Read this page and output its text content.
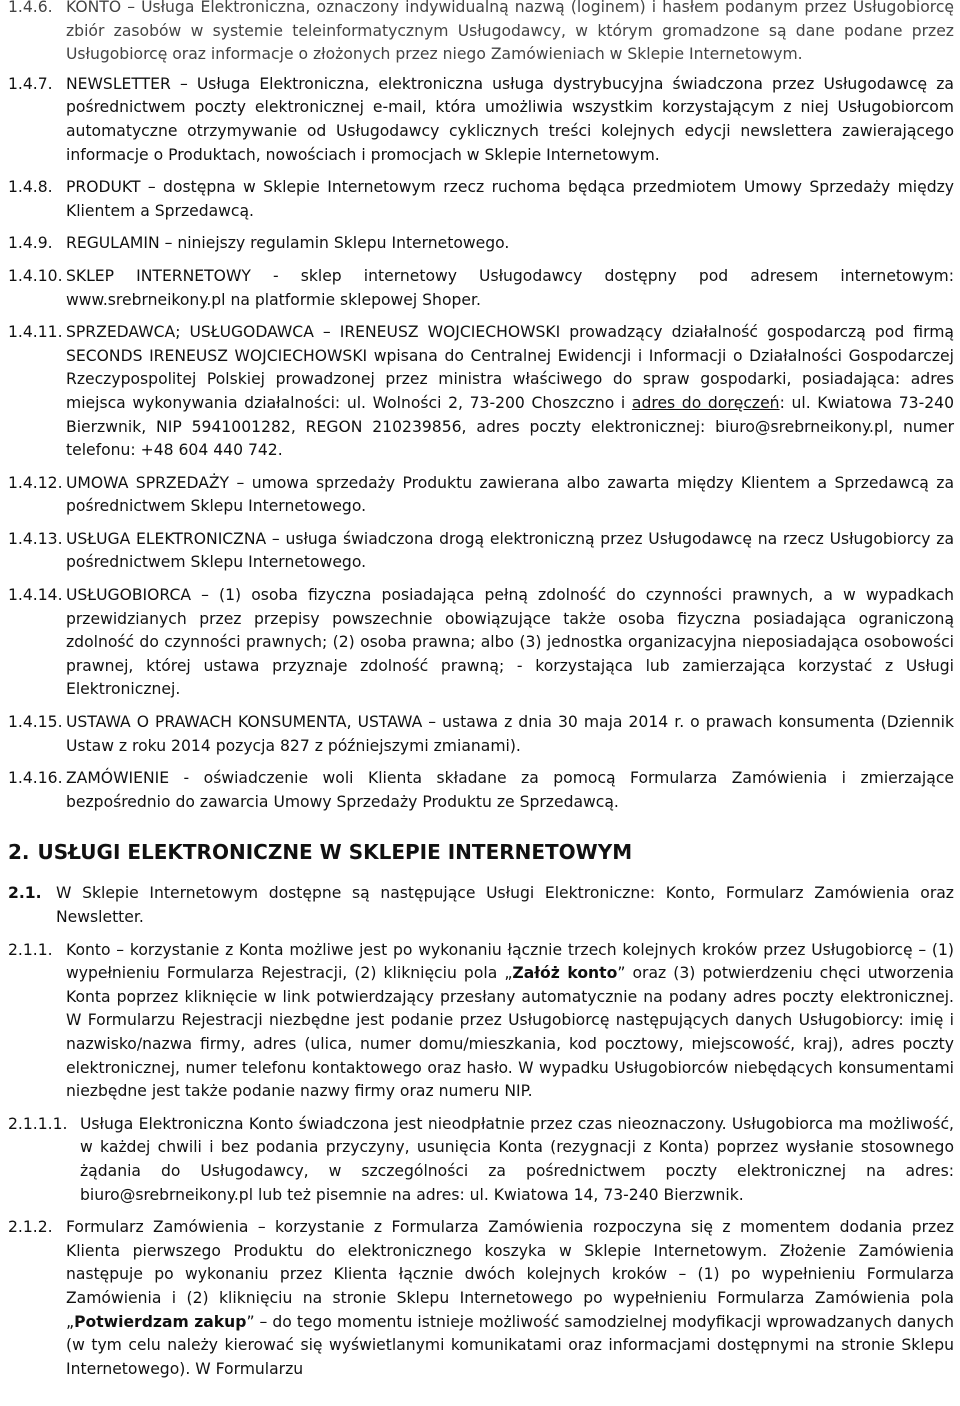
1.4.6. KONTO – Usługa Elektroniczna, oznaczony indywidualną nazwą (loginem) i hasłem podanym przez Usługobiorcę zbiór zasobów w systemie teleinformatycznym Usługodawcy, w którym gromadzone są dane podane przez Usługobiorcę oraz informacje o złożonych przez niego Zamówieniach w Sklepie Internetowym.
1.4.7. NEWSLETTER – Usługa Elektroniczna, elektroniczna usługa dystrybucyjna świadczona przez Usługodawcę za pośrednictwem poczty elektronicznej e-mail, która umożliwia wszystkim korzystającym z niej Usługobiorcom automatyczne otrzymywanie od Usługodawcy cyklicznych treści kolejnych edycji newslettera zawierającego informacje o Produktach, nowościach i promocjach w Sklepie Internetowym.
1.4.8. PRODUKT – dostępna w Sklepie Internetowym rzecz ruchoma będąca przedmiotem Umowy Sprzedaży między Klientem a Sprzedawcą.
1.4.9. REGULAMIN – niniejszy regulamin Sklepu Internetowego.
1.4.10. SKLEP INTERNETOWY - sklep internetowy Usługodawcy dostępny pod adresem internetowym: www.srebrneikony.pl na platformie sklepowej Shoper.
1.4.11. SPRZEDAWCA; USŁUGODAWCA – IRENEUSZ WOJCIECHOWSKI prowadzący działalność gospodarczą pod firmą SECONDS IRENEUSZ WOJCIECHOWSKI wpisana do Centralnej Ewidencji i Informacji o Działalności Gospodarczej Rzeczypospolitej Polskiej prowadzonej przez ministra właściwego do spraw gospodarki, posiadająca: adres miejsca wykonywania działalności: ul. Wolności 2, 73-200 Choszczno i adres do doręczeń: ul. Kwiatowa 73-240 Bierzwnik, NIP 5941001282, REGON 210239856, adres poczty elektronicznej: biuro@srebrneikony.pl, numer telefonu: +48 604 440 742.
1.4.12. UMOWA SPRZEDAŻY – umowa sprzedaży Produktu zawierana albo zawarta między Klientem a Sprzedawcą za pośrednictwem Sklepu Internetowego.
1.4.13. USŁUGA ELEKTRONICZNA – usługa świadczona drogą elektroniczną przez Usługodawcę na rzecz Usługobiorcy za pośrednictwem Sklepu Internetowego.
1.4.14. USŁUGOBIORCA – (1) osoba fizyczna posiadająca pełną zdolność do czynności prawnych, a w wypadkach przewidzianych przez przepisy powszechnie obowiązujące także osoba fizyczna posiadająca ograniczoną zdolność do czynności prawnych; (2) osoba prawna; albo (3) jednostka organizacyjna nieposiadająca osobowości prawnej, której ustawa przyznaje zdolność prawną; - korzystająca lub zamierzająca korzystać z Usługi Elektronicznej.
1.4.15. USTAWA O PRAWACH KONSUMENTA, USTAWA – ustawa z dnia 30 maja 2014 r. o prawach konsumenta (Dziennik Ustaw z roku 2014 pozycja 827 z późniejszymi zmianami).
1.4.16. ZAMÓWIENIE - oświadczenie woli Klienta składane za pomocą Formularza Zamówienia i zmierzające bezpośrednio do zawarcia Umowy Sprzedaży Produktu ze Sprzedawcą.
2. USŁUGI ELEKTRONICZNE W SKLEPIE INTERNETOWYM
2.1. W Sklepie Internetowym dostępne są następujące Usługi Elektroniczne: Konto, Formularz Zamówienia oraz Newsletter.
2.1.1. Konto – korzystanie z Konta możliwe jest po wykonaniu łącznie trzech kolejnych kroków przez Usługobiorcę – (1) wypełnieniu Formularza Rejestracji, (2) kliknięciu pola „Załóż konto” oraz (3) potwierdzeniu chęci utworzenia Konta poprzez kliknięcie w link potwierdzający przesłany automatycznie na podany adres poczty elektronicznej. W Formularzu Rejestracji niezbędne jest podanie przez Usługobiorcę następujących danych Usługobiorcy: imię i nazwisko/nazwa firmy, adres (ulica, numer domu/mieszkania, kod pocztowy, miejscowość, kraj), adres poczty elektronicznej, numer telefonu kontaktowego oraz hasło. W wypadku Usługobiorców niebędących konsumentami niezbędne jest także podanie nazwy firmy oraz numeru NIP.
2.1.1.1. Usługa Elektroniczna Konto świadczona jest nieodpłatnie przez czas nieoznaczony. Usługobiorca ma możliwość, w każdej chwili i bez podania przyczyny, usunięcia Konta (rezygnacji z Konta) poprzez wysłanie stosownego żądania do Usługodawcy, w szczególności za pośrednictwem poczty elektronicznej na adres: biuro@srebrneikony.pl lub też pisemnie na adres: ul. Kwiatowa 14, 73-240 Bierzwnik.
2.1.2. Formularz Zamówienia – korzystanie z Formularza Zamówienia rozpoczyna się z momentem dodania przez Klienta pierwszego Produktu do elektronicznego koszyka w Sklepie Internetowym. Złożenie Zamówienia następuje po wykonaniu przez Klienta łącznie dwóch kolejnych kroków – (1) po wypełnieniu Formularza Zamówienia i (2) kliknięciu na stronie Sklepu Internetowego po wypełnieniu Formularza Zamówienia pola „Potwierdzam zakup” – do tego momentu istnieje możliwość samodzielnej modyfikacji wprowadzanych danych (w tym celu należy kierować się wyświetlanymi komunikatami oraz informacjami dostępnymi na stronie Sklepu Internetowego). W Formularzu
